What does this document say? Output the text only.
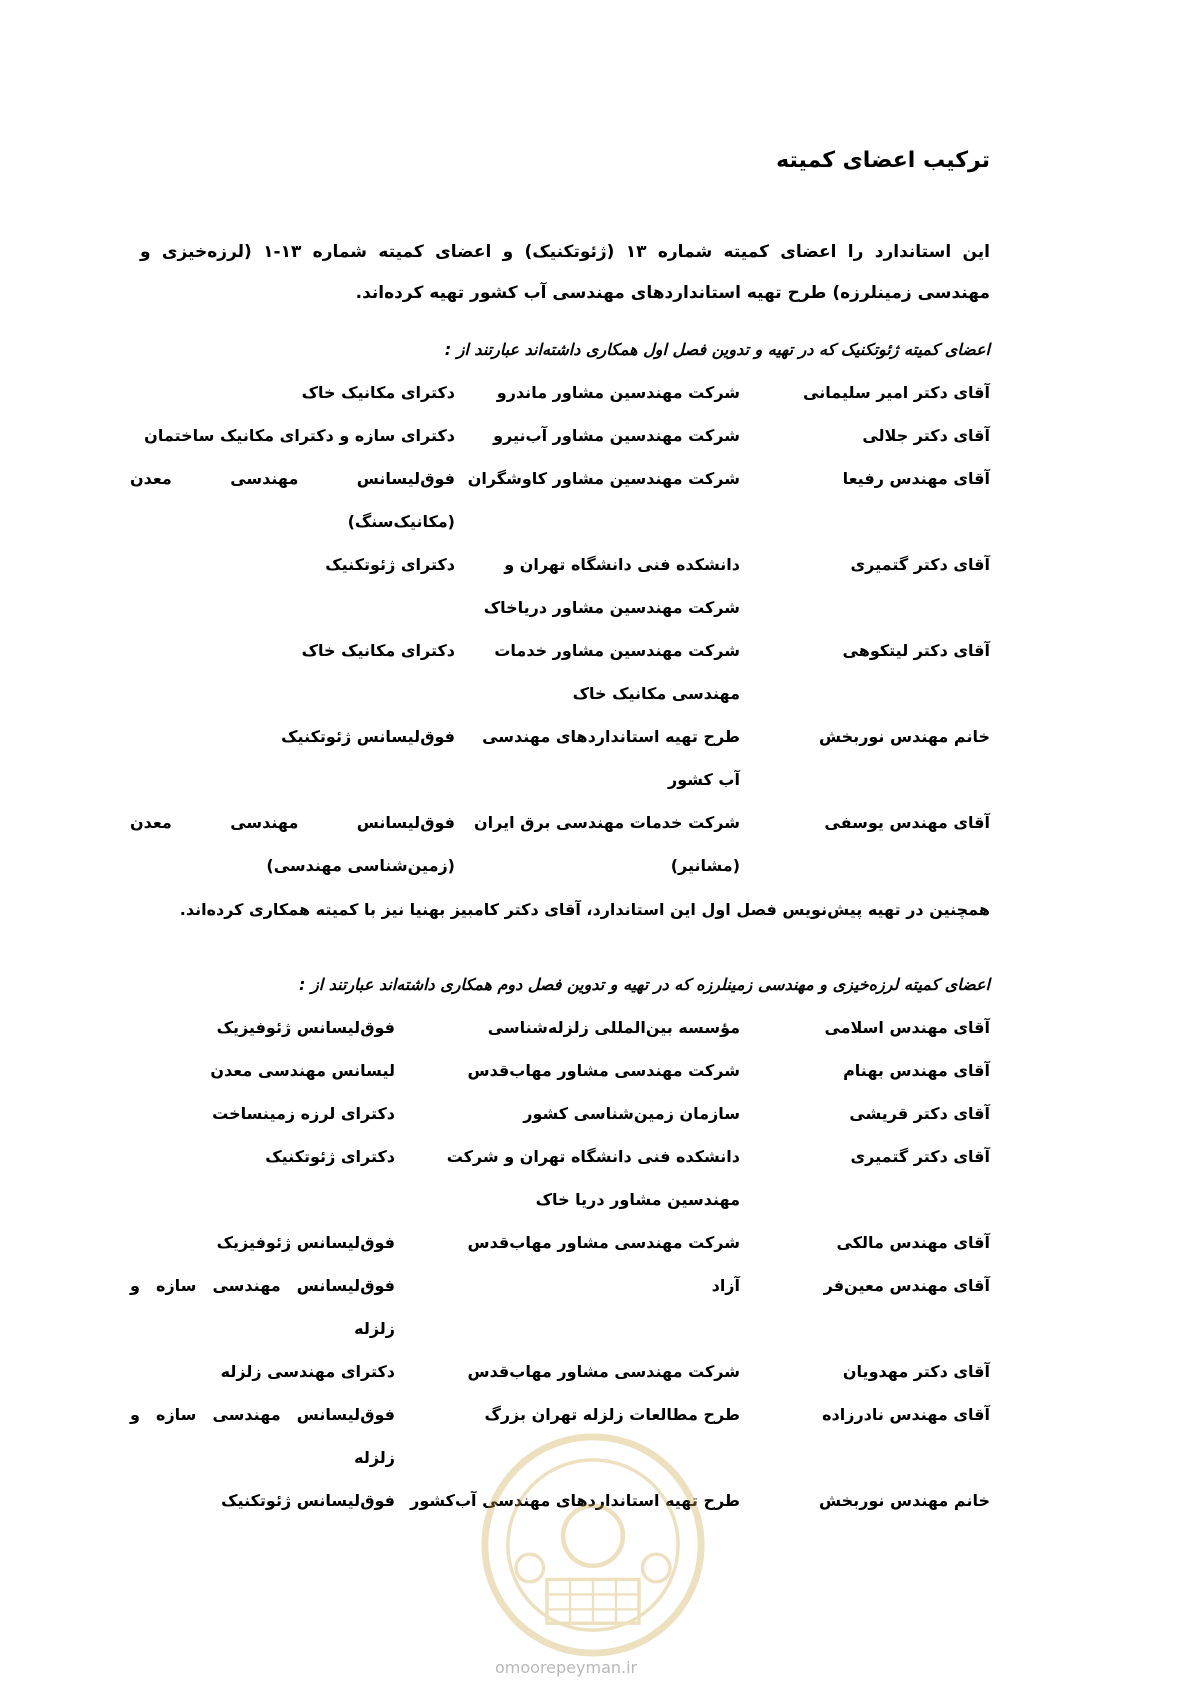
ترکیب اعضای کمیته

این استاندارد را اعضای کمیته شماره ۱۳ (ژئوتکنیک) و اعضای کمیته شماره ۱۳-۱ (لرزه‌خیزی و مهندسی زمینلرزه) طرح تهیه استانداردهای مهندسی آب کشور تهیه کرده‌اند.

اعضای کمیته ژئوتکنیک که در تهیه و تدوین فصل اول همکاری داشته‌اند عبارتند از :

آقای دکتر امیر سلیمانی
شرکت مهندسین مشاور ماندرو
دکترای مکانیک خاک
آقای دکتر جلالی
شرکت مهندسین مشاور آب‌نیرو
دکترای سازه و دکترای مکانیک ساختمان
آقای مهندس رفیعا
شرکت مهندسین مشاور کاوشگران
فوق‌لیسانس مهندسی معدن (مکانیک‌سنگ)
آقای دکتر گتمیری
دانشکده فنی دانشگاه تهران و شرکت مهندسین مشاور دریاخاک
دکترای ژئوتکنیک
آقای دکتر لیتکوهی
شرکت مهندسین مشاور خدمات مهندسی مکانیک خاک
دکترای مکانیک خاک
خانم مهندس نوربخش
طرح تهیه استانداردهای مهندسی آب کشور
فوق‌لیسانس ژئوتکنیک
آقای مهندس یوسفی
شرکت خدمات مهندسی برق ایران (مشانیر)
فوق‌لیسانس مهندسی معدن (زمین‌شناسی مهندسی)

همچنین در تهیه پیش‌نویس فصل اول این استاندارد، آقای دکتر کامبیز بهنیا نیز با کمیته همکاری کرده‌اند.

اعضای کمیته لرزه‌خیزی و مهندسی زمینلرزه که در تهیه و تدوین فصل دوم همکاری داشته‌اند عبارتند از :

آقای مهندس اسلامی
مؤسسه بین‌المللی زلزله‌شناسی
فوق‌لیسانس ژئوفیزیک
آقای مهندس بهنام
شرکت مهندسی مشاور مهاب‌قدس
لیسانس مهندسی معدن
آقای دکتر قریشی
سازمان زمین‌شناسی کشور
دکترای لرزه زمینساخت
آقای دکتر گتمیری
دانشکده فنی دانشگاه تهران و شرکت مهندسین مشاور دریا خاک
دکترای ژئوتکنیک
آقای مهندس مالکی
شرکت مهندسی مشاور مهاب‌قدس
فوق‌لیسانس ژئوفیزیک
آقای مهندس معین‌فر
آزاد
فوق‌لیسانس مهندسی سازه و زلزله
آقای دکتر مهدویان
شرکت مهندسی مشاور مهاب‌قدس
دکترای مهندسی زلزله
آقای مهندس نادرزاده
طرح مطالعات زلزله تهران بزرگ
فوق‌لیسانس مهندسی سازه و زلزله
خانم مهندس نوربخش
طرح تهیه استانداردهای مهندسی آب‌کشور
فوق‌لیسانس ژئوتکنیک
omoorepeyman.ir
